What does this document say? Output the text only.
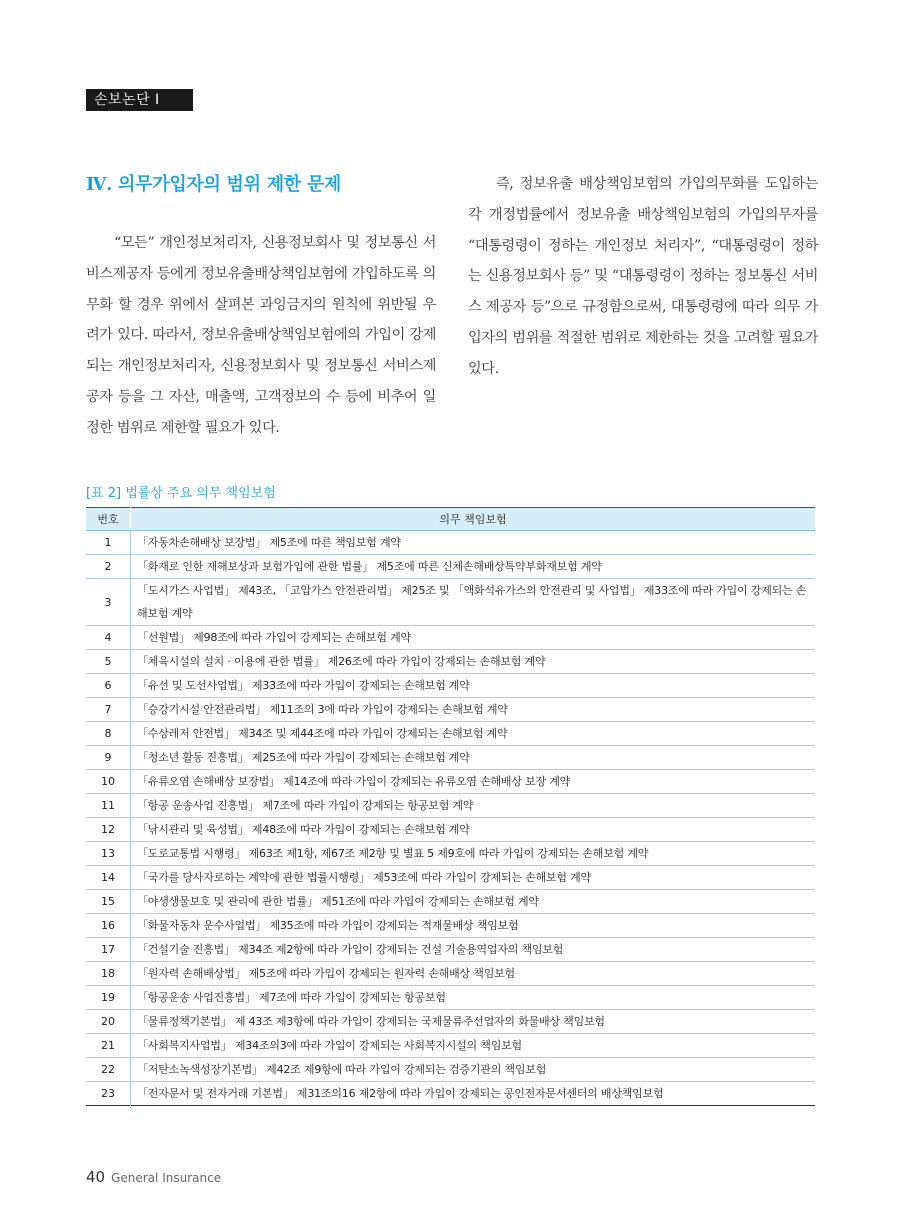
손보논단 I
Ⅳ. 의무가입자의 범위 제한 문제

“모든” 개인정보처리자, 신용정보회사 및 정보통신 서비스제공자 등에게 정보유출배상책임보험에 가입하도록 의무화 할 경우 위에서 살펴본 과잉금지의 원칙에 위반될 우려가 있다. 따라서, 정보유출배상책임보험에의 가입이 강제되는 개인정보처리자, 신용정보회사 및 정보통신 서비스제공자 등을 그 자산, 매출액, 고객정보의 수 등에 비추어 일정한 범위로 제한할 필요가 있다.

즉, 정보유출 배상책임보험의 가입의무화를 도입하는 각 개정법률에서 정보유출 배상책임보험의 가입의무자를 “대통령령이 정하는 개인정보 처리자”, “대통령령이 정하는 신용정보회사 등” 및 “대통령령이 정하는 정보통신 서비스 제공자 등”으로 규정함으로써, 대통령령에 따라 의무 가입자의 범위를 적절한 범위로 제한하는 것을 고려할 필요가 있다.

[표 2] 법률상 주요 의무 책임보험
번호	의무 책임보험
1	「자동차손해배상 보장법」 제5조에 따른 책임보험 계약
2	「화재로 인한 재해보상과 보험가입에 관한 법률」 제5조에 따른 신체손해배상특약부화재보험 계약
3	「도시가스 사업법」 제43조, 「고압가스 안전관리법」 제25조 및 「액화석유가스의 안전관리 및 사업법」 제33조에 따라 가입이 강제되는 손해보험 계약
4	「선원법」 제98조에 따라 가입이 강제되는 손해보험 계약
5	「체육시설의 설치 · 이용에 관한 법률」 제26조에 따라 가입이 강제되는 손해보험 계약
6	「유선 및 도선사업법」 제33조에 따라 가입이 강제되는 손해보험 계약
7	「승강기시설 안전관리법」 제11조의 3에 따라 가입이 강제되는 손해보험 계약
8	「수상레저 안전법」 제34조 및 제44조에 따라 가입이 강제되는 손해보험 계약
9	「청소년 활동 진흥법」 제25조에 따라 가입이 강제되는 손해보험 계약
10	「유류오염 손해배상 보장법」 제14조에 따라 가입이 강제되는 유류오염 손해배상 보장 계약
11	「항공 운송사업 진흥법」 제7조에 따라 가입이 강제되는 항공보험 계약
12	「낚시관리 및 육성법」 제48조에 따라 가입이 강제되는 손해보험 계약
13	「도로교통법 시행령」 제63조 제1항, 제67조 제2항 및 별표 5 제9호에 따라 가입이 강제되는 손해보험 계약
14	「국가를 당사자로하는 계약에 관한 법률시행령」 제53조에 따라 가입이 강제되는 손해보험 계약
15	「야생생물보호 및 관리에 관한 법률」 제51조에 따라 가입이 강제되는 손해보험 계약
16	「화물자동차 운수사업법」 제35조에 따라 가입이 강제되는 적재물배상 책임보험
17	「건설기술 진흥법」 제34조 제2항에 따라 가입이 강제되는 건설 기술용역업자의 책임보험
18	「원자력 손해배상법」 제5조에 따라 가입이 강제되는 원자력 손해배상 책임보험
19	「항공운송 사업진흥법」 제7조에 따라 가입이 강제되는 항공보험
20	「물류정책기본법」 제 43조 제3항에 따라 가입이 강제되는 국제물류주선업자의 화물배상 책임보험
21	「사회복지사업법」 제34조의3에 따라 가입이 강제되는 사회복지시설의 책임보험
22	「저탄소녹색성장기본법」 제42조 제9항에 따라 가입이 강제되는 검증기관의 책임보험
23	「전자문서 및 전자거래 기본법」 제31조의16 제2항에 따라 가입이 강제되는 공인전자문서센터의 배상책임보험
40 General Insurance
